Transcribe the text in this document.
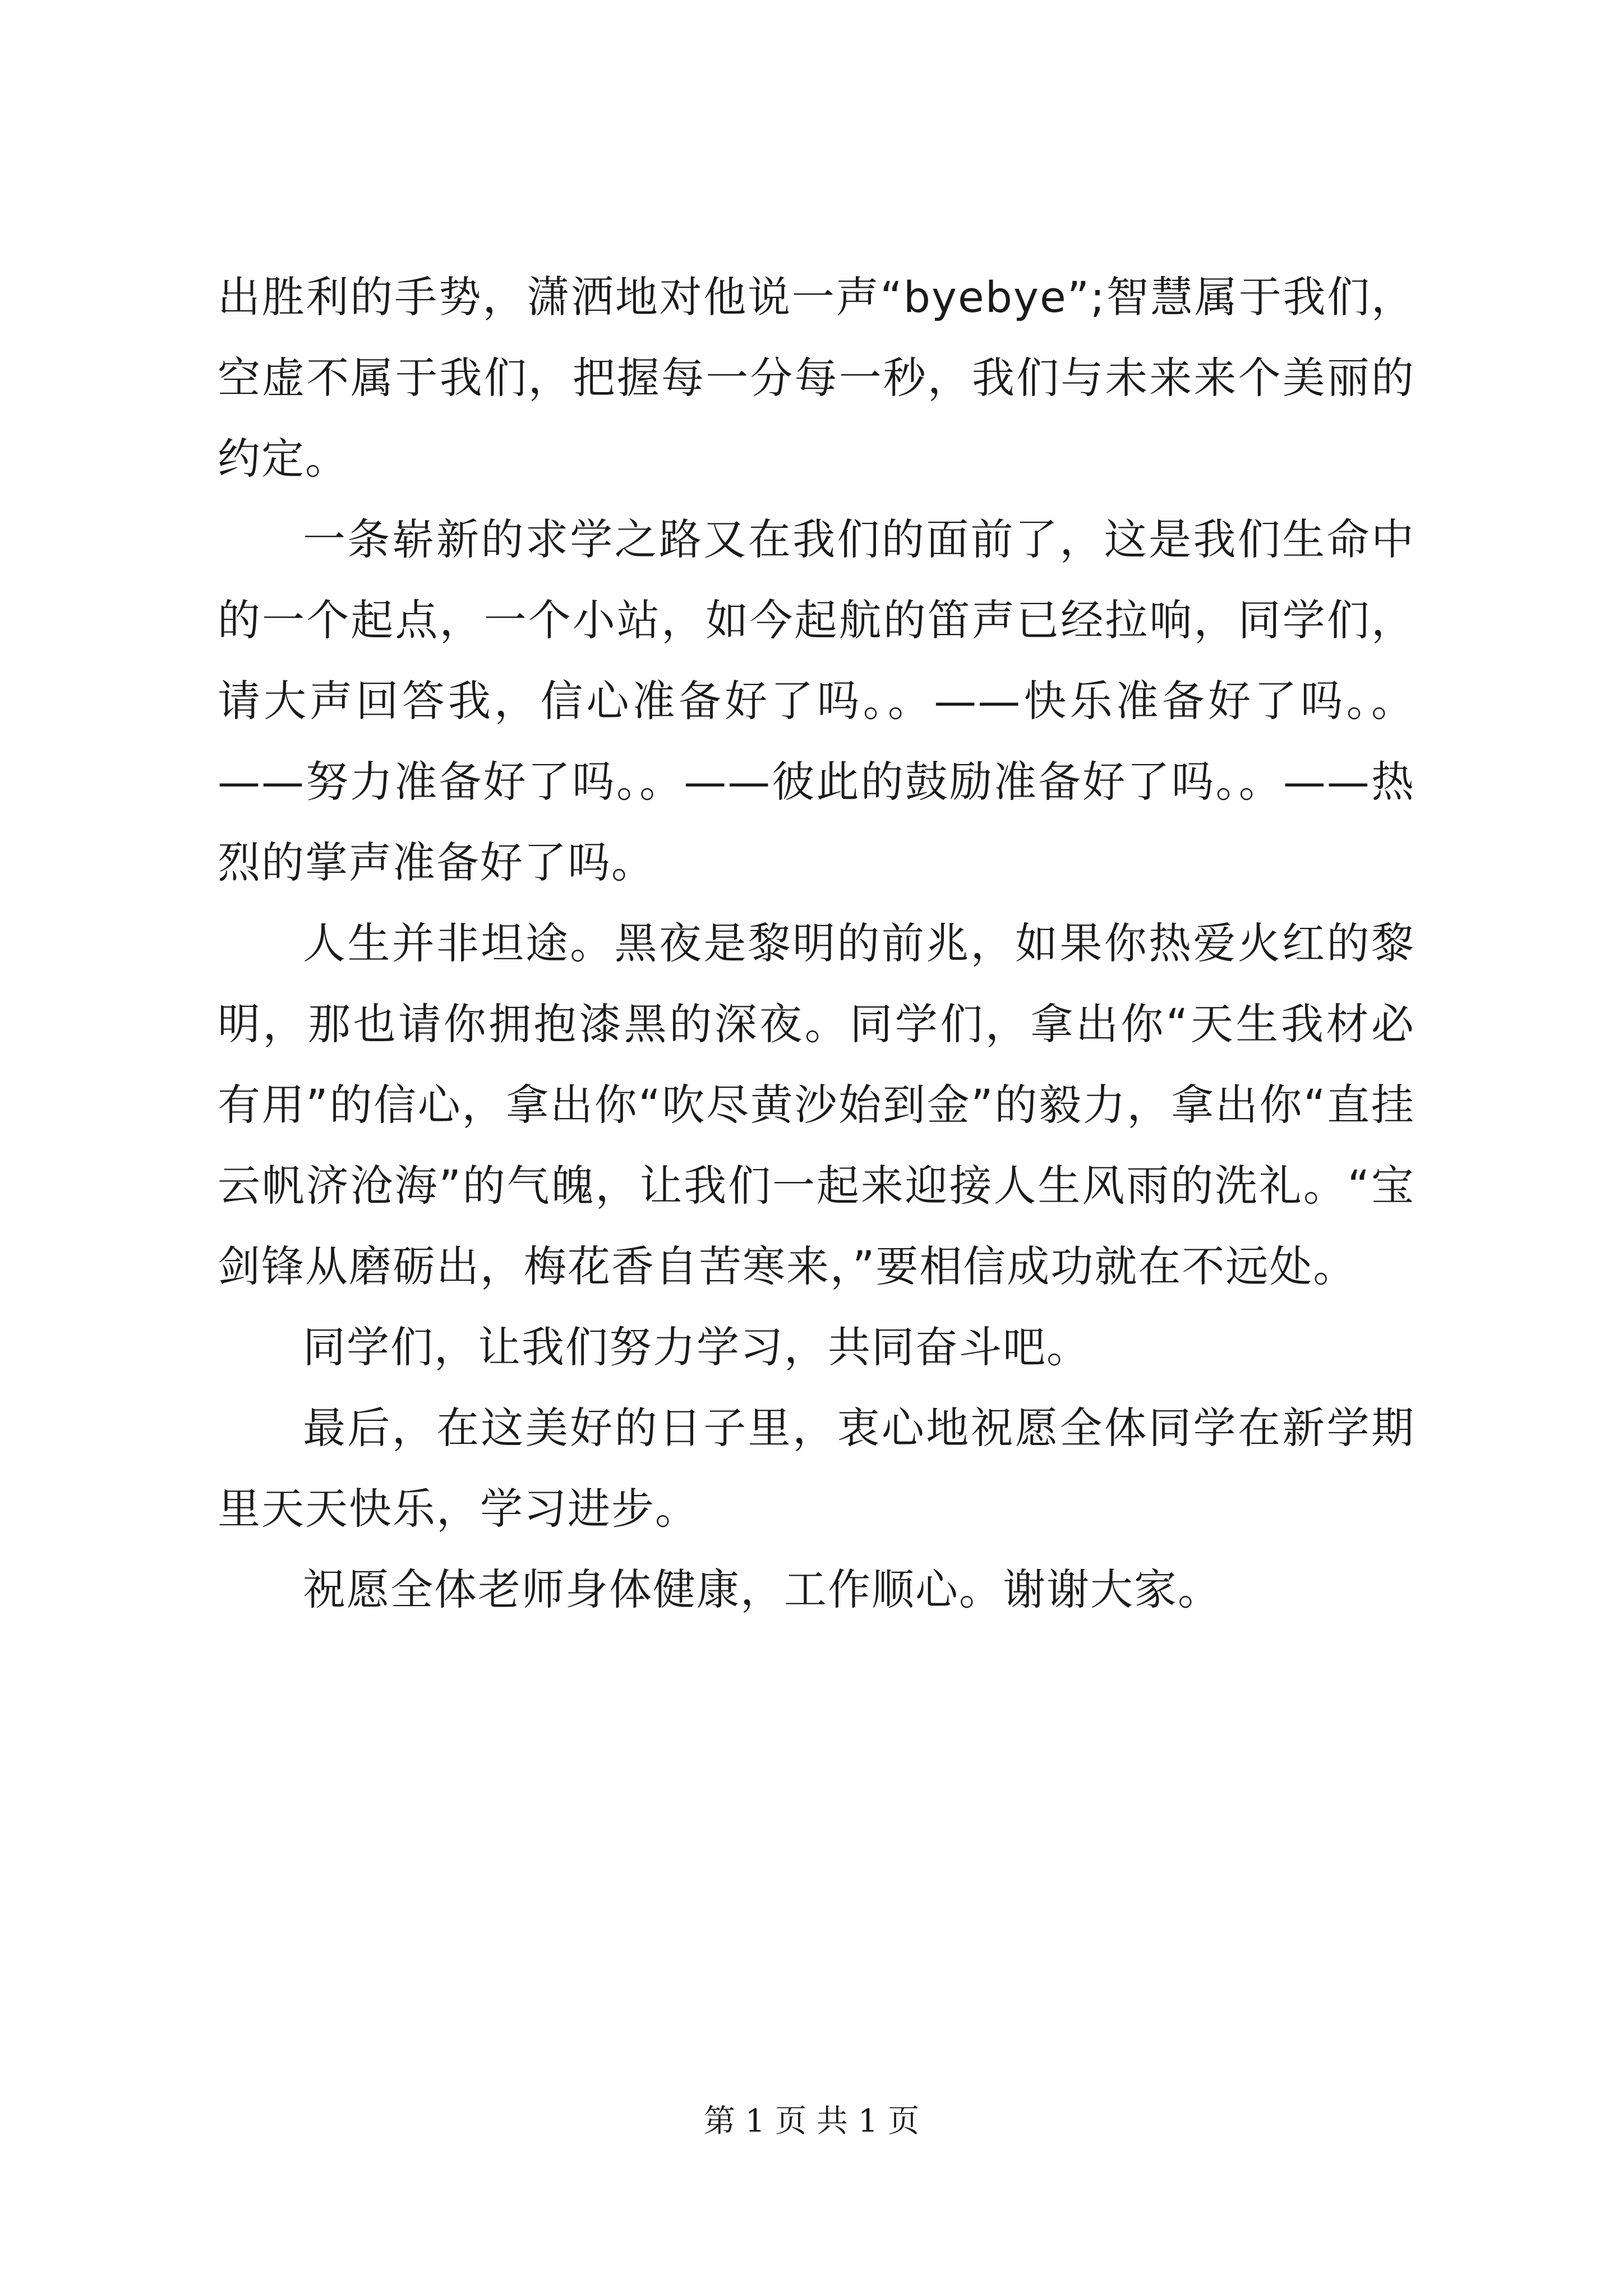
出胜利的手势，潇洒地对他说一声“byebye”;智慧属于我们，空虚不属于我们，把握每一分每一秒，我们与未来来个美丽的约定。

一条崭新的求学之路又在我们的面前了，这是我们生命中的一个起点，一个小站，如今起航的笛声已经拉响，同学们，请大声回答我，信心准备好了吗。。——快乐准备好了吗。。——努力准备好了吗。。——彼此的鼓励准备好了吗。。——热烈的掌声准备好了吗。

人生并非坦途。黑夜是黎明的前兆，如果你热爱火红的黎明，那也请你拥抱漆黑的深夜。同学们，拿出你“天生我材必有用”的信心，拿出你“吹尽黄沙始到金”的毅力，拿出你“直挂云帆济沧海”的气魄，让我们一起来迎接人生风雨的洗礼。“宝剑锋从磨砺出，梅花香自苦寒来，”要相信成功就在不远处。

同学们，让我们努力学习，共同奋斗吧。

最后，在这美好的日子里，衷心地祝愿全体同学在新学期里天天快乐，学习进步。

祝愿全体老师身体健康，工作顺心。谢谢大家。

第 1 页 共 1 页
